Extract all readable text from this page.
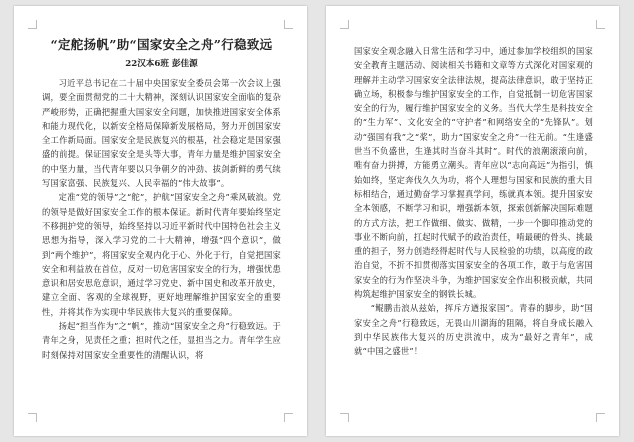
“定舵扬帆”助“国家安全之舟”行稳致远
22汉本6班 彭佳源

习近平总书记在二十届中央国家安全委员会第一次会议上强调，要全面贯彻党的二十大精神，深刻认识国家安全面临的复杂严峻形势，正确把握重大国家安全问题，加快推进国家安全体系和能力现代化，以新安全格局保障新发展格局，努力开创国家安全工作新局面。国家安全是民族复兴的根基，社会稳定是国家强盛的前提。保证国家安全是头等大事，青年力量是维护国家安全的中坚力量，当代青年要以只争朝夕的冲劲、拔剑新鲜的勇气续写国家富强、民族复兴、人民幸福的“伟大故事”。

定准“党的领导”之“舵”，护航“国家安全之舟”乘风破浪。党的领导是做好国家安全工作的根本保证。新时代青年要始终坚定不移拥护党的领导，始终坚持以习近平新时代中国特色社会主义思想为指导，深入学习党的二十大精神，增强“四个意识”，做到“两个维护”，将国家安全观内化于心、外化于行，自觉把国家安全和利益放在首位，反对一切危害国家安全的行为，增强忧患意识和居安思危意识，通过学习党史、新中国史和改革开放史，建立全面、客观的全球视野，更好地理解维护国家安全的重要性，并将其作为实现中华民族伟大复兴的重要保障。

扬起“担当作为”之“帆”，推动“国家安全之舟”行稳致远。于青年之身，见责任之重；担时代之任，显担当之力。青年学生应时刻保持对国家安全重要性的清醒认识，将

国家安全观念融入日常生活和学习中，通过参加学校组织的国家安全教育主题活动、阅读相关书籍和文章等方式深化对国家观的理解并主动学习国家安全法律法规，提高法律意识，敢于坚持正确立场，积极参与维护国家安全的工作，自觉抵制一切危害国家安全的行为，履行维护国家安全的义务。当代大学生是科技安全的“生力军”、文化安全的“守护者”和网络安全的“先锋队”。划动“强国有我”之“桨”，助力“国家安全之舟”一往无前。“生逢盛世当不负盛世，生逢其时当奋斗其时”。时代的浪潮滚滚向前，唯有奋力拼搏，方能勇立潮头。青年应以“志向高远”为指引，慎始如终，坚定奔伐久久为功，将个人理想与国家和民族的重大目标相结合，通过勤奋学习掌握真学问，练就真本领。提升国家安全本领感，不断学习和识，增强新本领，探索创新解决国际难题的方式方法，把工作做细、做实、做精，一步一个脚印推动党的事业不断向前，扛起时代赋予的政治责任，啃最硬的骨头、挑最重的担子，努力创造经得起时代与人民检验的功绩，以高度的政治自觉，不折不扣贯彻落实国家安全的各项工作，敢于与危害国家安全的行为作坚决斗争，为维护国家安全作出积极贡献，共同构筑起维护国家安全的钢铁长城。

“鲲鹏击浪从兹始，挥斥方遒报家国”。青春的脚步，助“国家安全之舟”行稳致远，无畏山川湖海的阻隔，将自身成长融入到中华民族伟大复兴的历史洪流中，成为“最好之青年”，成就“中国之盛世”！
